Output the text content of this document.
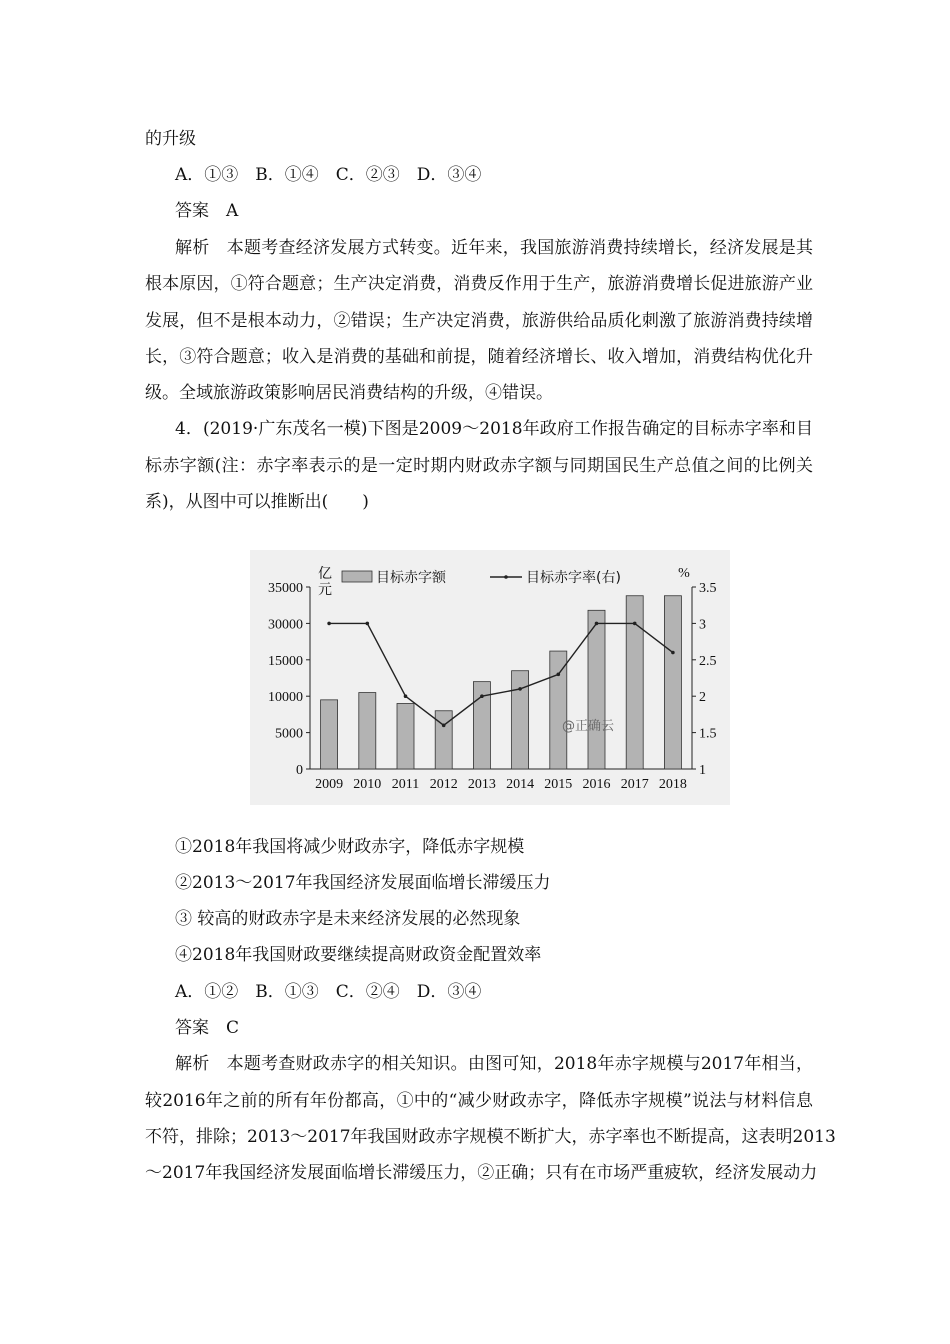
的升级
A．①③　B．①④　C．②③　D．③④
答案　A
解析　本题考查经济发展方式转变。近年来，我国旅游消费持续增长，经济发展是其
根本原因，①符合题意；生产决定消费，消费反作用于生产，旅游消费增长促进旅游产业
发展，但不是根本动力，②错误；生产决定消费，旅游供给品质化刺激了旅游消费持续增
长，③符合题意；收入是消费的基础和前提，随着经济增长、收入增加，消费结构优化升
级。全域旅游政策影响居民消费结构的升级，④错误。
4．(2019·广东茂名一模)下图是2009～2018年政府工作报告确定的目标赤字率和目
标赤字额(注：赤字率表示的是一定时期内财政赤字额与同期国民生产总值之间的比例关
系)，从图中可以推断出(　　)
0
5000
10000
15000
30000
35000
1
1.5
2
2.5
3
3.5
2009 2010 2011 2012 2013 2014 2015 2016 2017 2018
亿元
%
目标赤字额	目标赤字率(右)
@正确云
①2018年我国将减少财政赤字，降低赤字规模
②2013～2017年我国经济发展面临增长滞缓压力
③ 较高的财政赤字是未来经济发展的必然现象
④2018年我国财政要继续提高财政资金配置效率
A．①②　B．①③　C．②④　D．③④
答案　C
解析　本题考查财政赤字的相关知识。由图可知，2018年赤字规模与2017年相当，
较2016年之前的所有年份都高，①中的“减少财政赤字，降低赤字规模”说法与材料信息
不符，排除；2013～2017年我国财政赤字规模不断扩大，赤字率也不断提高，这表明2013
～2017年我国经济发展面临增长滞缓压力，②正确；只有在市场严重疲软，经济发展动力
